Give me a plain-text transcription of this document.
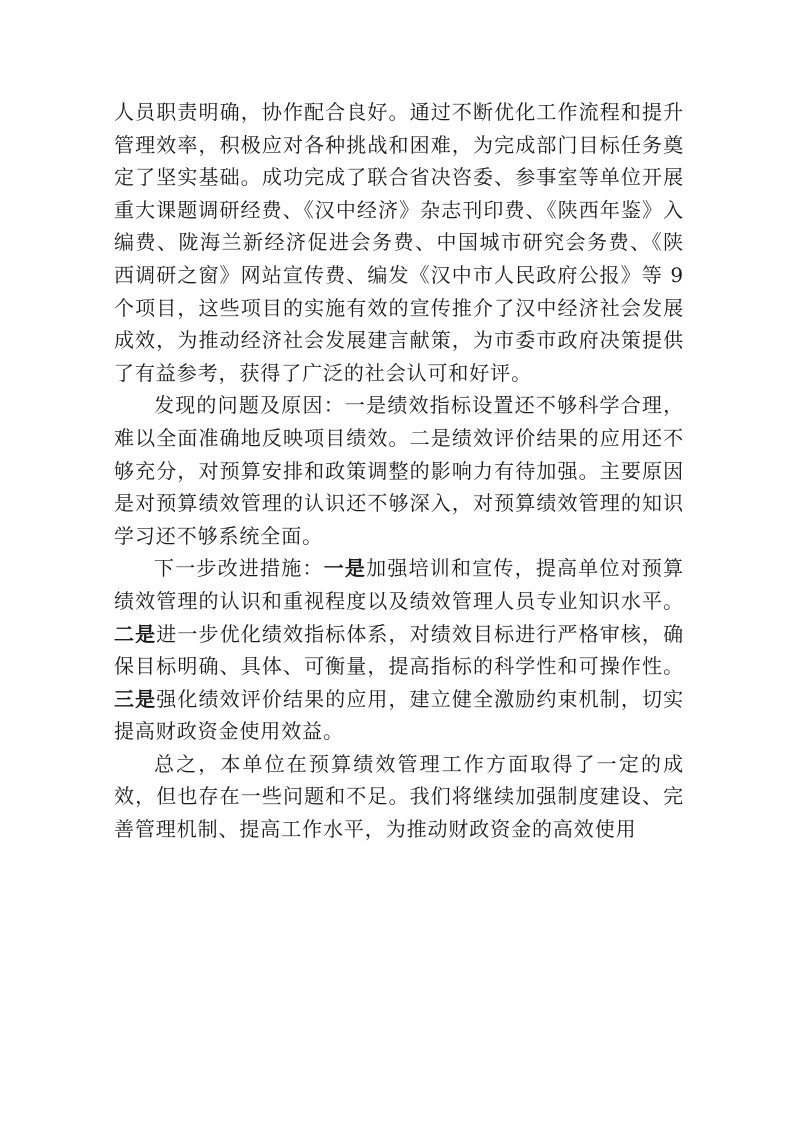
人员职责明确，协作配合良好。通过不断优化工作流程和提升管理效率，积极应对各种挑战和困难，为完成部门目标任务奠定了坚实基础。成功完成了联合省决咨委、参事室等单位开展重大课题调研经费、《汉中经济》杂志刊印费、《陕西年鉴》入编费、陇海兰新经济促进会务费、中国城市研究会务费、《陕西调研之窗》网站宣传费、编发《汉中市人民政府公报》等 9 个项目，这些项目的实施有效的宣传推介了汉中经济社会发展成效，为推动经济社会发展建言献策，为市委市政府决策提供了有益参考，获得了广泛的社会认可和好评。

发现的问题及原因：一是绩效指标设置还不够科学合理，难以全面准确地反映项目绩效。二是绩效评价结果的应用还不够充分，对预算安排和政策调整的影响力有待加强。主要原因是对预算绩效管理的认识还不够深入，对预算绩效管理的知识学习还不够系统全面。

下一步改进措施：一是加强培训和宣传，提高单位对预算绩效管理的认识和重视程度以及绩效管理人员专业知识水平。二是进一步优化绩效指标体系，对绩效目标进行严格审核，确保目标明确、具体、可衡量，提高指标的科学性和可操作性。三是强化绩效评价结果的应用，建立健全激励约束机制，切实提高财政资金使用效益。

总之，本单位在预算绩效管理工作方面取得了一定的成效，但也存在一些问题和不足。我们将继续加强制度建设、完善管理机制、提高工作水平，为推动财政资金的高效使用
